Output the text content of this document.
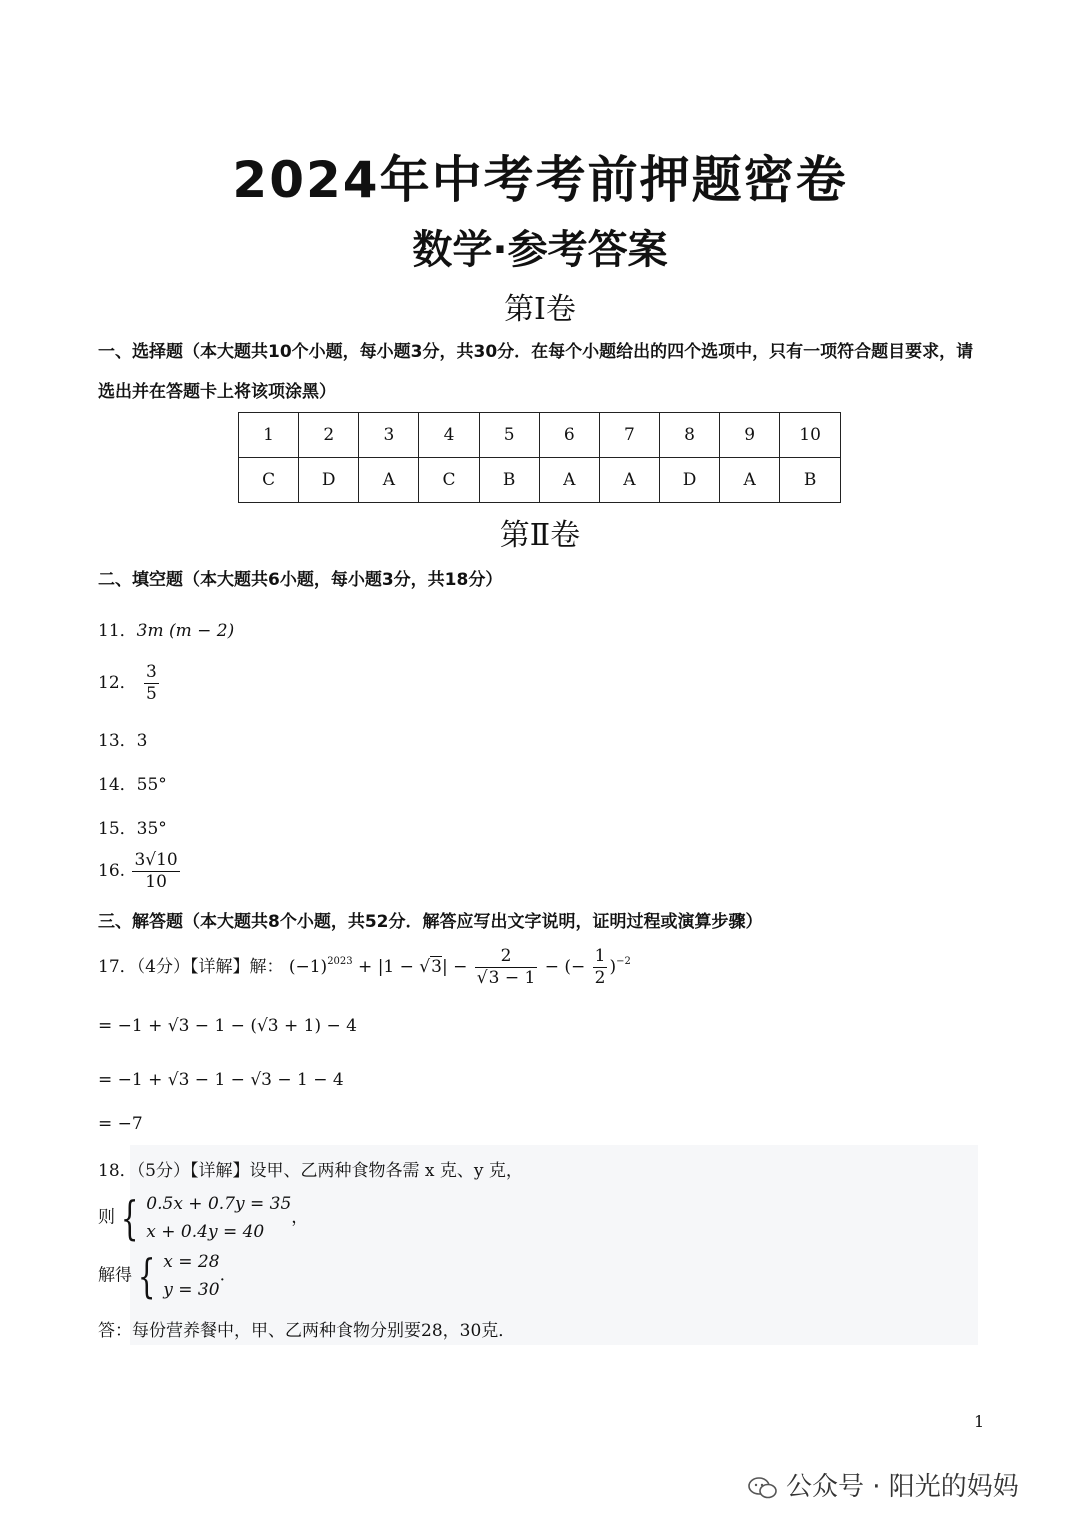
2024年中考考前押题密卷
数学·参考答案
第Ⅰ卷
一、选择题（本大题共10个小题，每小题3分，共30分．在每个小题给出的四个选项中，只有一项符合题目要求，请选出并在答题卡上将该项涂黑）
1	2	3	4	5	6	7	8	9	10
C	D	A	C	B	A	A	D	A	B
第Ⅱ卷
二、填空题（本大题共6小题，每小题3分，共18分）
11．3m (m − 2)
12． $\frac{3}{5}$
13．3
14．55°
15．35°
16. $\frac{3√10}{10}$
三、解答题（本大题共8个小题，共52分．解答应写出文字说明，证明过程或演算步骤）
17．（4分）【详解】解： $(-1)^{2023} + |1 - √3| - \frac{2}{√3 - 1}$ − (− $\frac{1}{2} )^{-2}$
= −1 + √3 − 1 − (√3 + 1) − 4
= −1 + √3 − 1 − √3 − 1 − 4
= −7
18．（5分）【详解】设甲、乙两种食物各需 x 克、y 克，
则 { 0.5x + 0.7y = 35
x + 0.4y = 40
，
解得 { x = 28
y = 30
.
答：每份营养餐中，甲、乙两种食物分别要28，30克．
1
公众号 · 阳光的妈妈
